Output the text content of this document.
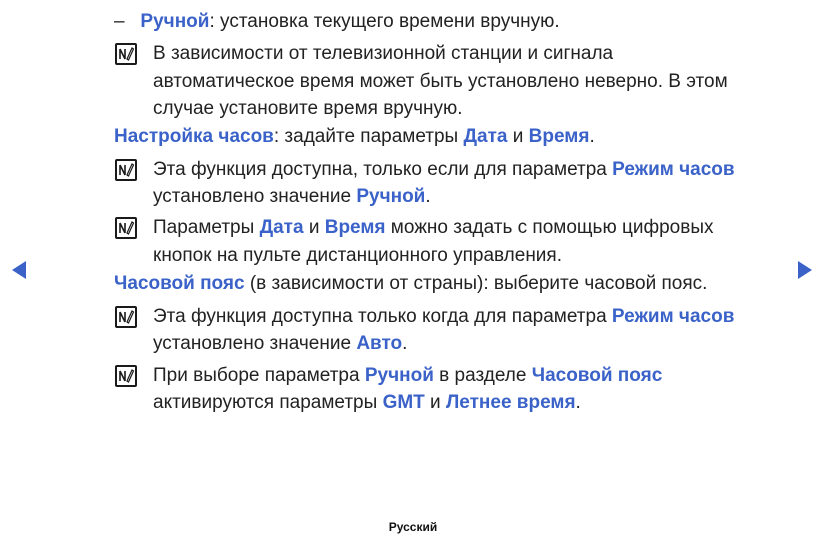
– Ручной: установка текущего времени вручную.
В зависимости от телевизионной станции и сигнала
автоматическое время может быть установлено неверно. В этом
случае установите время вручную.
Настройка часов: задайте параметры Дата и Время.
Эта функция доступна, только если для параметра Режим часов
установлено значение Ручной.
Параметры Дата и Время можно задать с помощью цифровых
кнопок на пульте дистанционного управления.
Часовой пояс (в зависимости от страны): выберите часовой пояс.
Эта функция доступна только когда для параметра Режим часов
установлено значение Авто.
При выборе параметра Ручной в разделе Часовой пояс
активируются параметры GMT и Летнее время.
Русский
